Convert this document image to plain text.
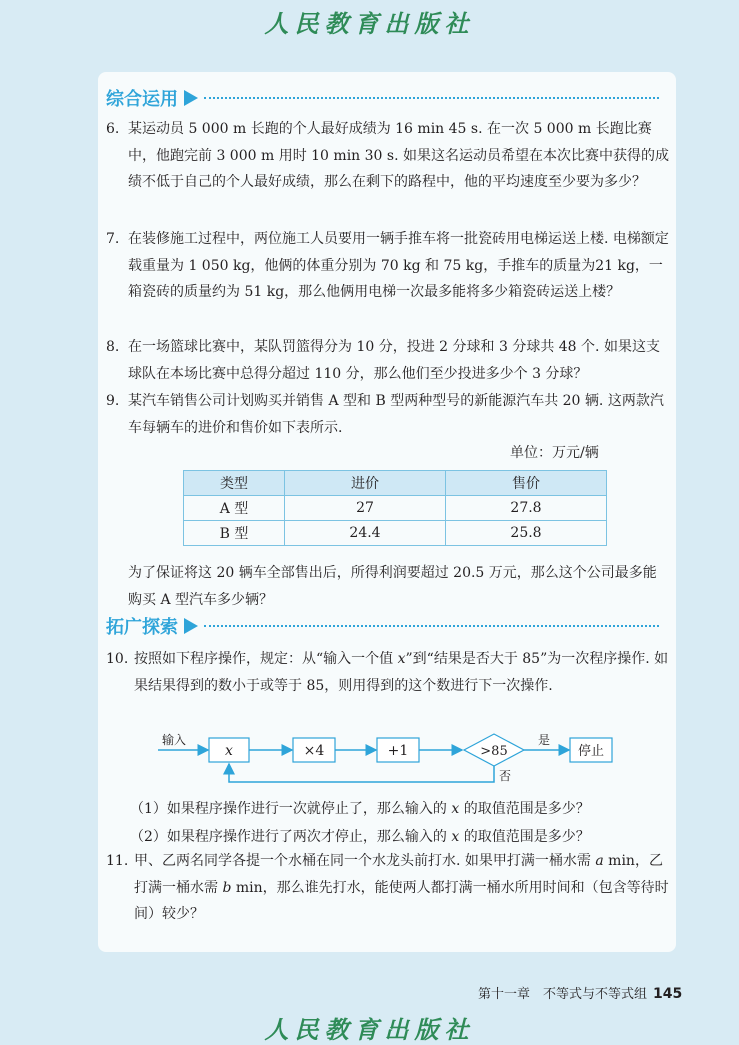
人民教育出版社
综合运用

6. 某运动员 5 000 m 长跑的个人最好成绩为 16 min 45 s. 在一次 5 000 m 长跑比赛中，他跑完前 3 000 m 用时 10 min 30 s. 如果这名运动员希望在本次比赛中获得的成绩不低于自己的个人最好成绩，那么在剩下的路程中，他的平均速度至少要为多少？

7. 在装修施工过程中，两位施工人员要用一辆手推车将一批瓷砖用电梯运送上楼. 电梯额定载重量为 1 050 kg，他俩的体重分别为 70 kg 和 75 kg，手推车的质量为21 kg，一箱瓷砖的质量约为 51 kg，那么他俩用电梯一次最多能将多少箱瓷砖运送上楼？

8. 在一场篮球比赛中，某队罚篮得分为 10 分，投进 2 分球和 3 分球共 48 个. 如果这支球队在本场比赛中总得分超过 110 分，那么他们至少投进多少个 3 分球？

9. 某汽车销售公司计划购买并销售 A 型和 B 型两种型号的新能源汽车共 20 辆. 这两款汽车每辆车的进价和售价如下表所示.

单位：万元/辆
类型	进价	售价
A 型	27	27.8
B 型	24.4	25.8

为了保证将这 20 辆车全部售出后，所得利润要超过 20.5 万元，那么这个公司最多能购买 A 型汽车多少辆？

拓广探索

10. 按照如下程序操作，规定：从“输入一个值 x”到“结果是否大于 85”为一次程序操作. 如果结果得到的数小于或等于 85，则用得到的这个数进行下一次操作.

输入
x	×4	+1	>85
是
停止
否
（1）如果程序操作进行一次就停止了，那么输入的 x 的取值范围是多少？
（2）如果程序操作进行了两次才停止，那么输入的 x 的取值范围是多少？

11. 甲、乙两名同学各提一个水桶在同一个水龙头前打水. 如果甲打满一桶水需 a min，乙打满一桶水需 b min，那么谁先打水，能使两人都打满一桶水所用时间和（包含等待时间）较少？

第十一章　不等式与不等式组 145
人民教育出版社
